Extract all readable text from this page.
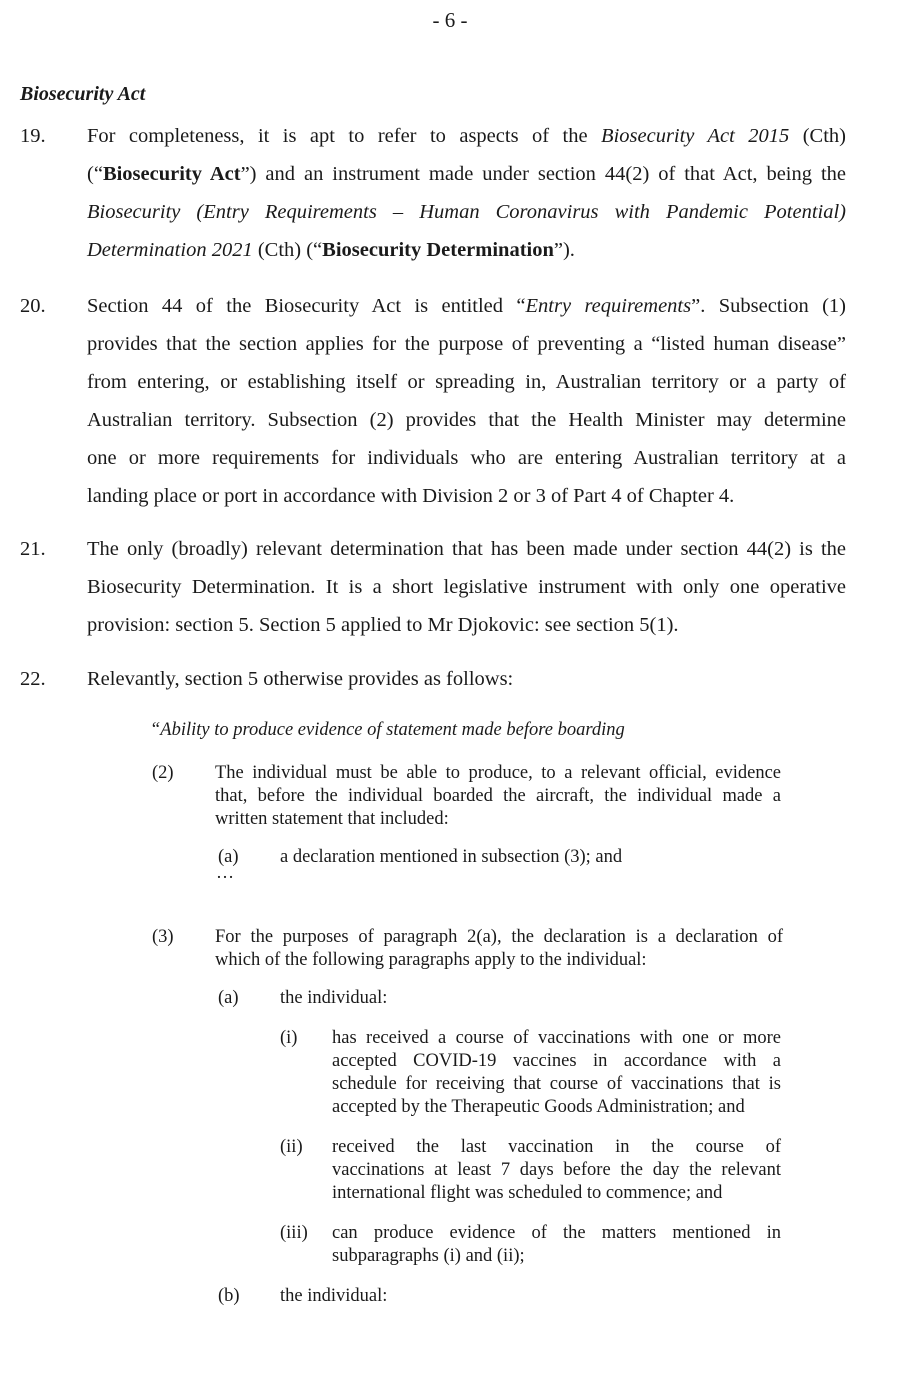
- 6 -
Biosecurity Act
19. For completeness, it is apt to refer to aspects of the Biosecurity Act 2015 (Cth)
(“Biosecurity Act”) and an instrument made under section 44(2) of that Act, being the
Biosecurity (Entry Requirements – Human Coronavirus with Pandemic Potential)
Determination 2021 (Cth) (“Biosecurity Determination”).
20. Section 44 of the Biosecurity Act is entitled “Entry requirements”. Subsection (1)
provides that the section applies for the purpose of preventing a “listed human disease”
from entering, or establishing itself or spreading in, Australian territory or a party of
Australian territory. Subsection (2) provides that the Health Minister may determine
one or more requirements for individuals who are entering Australian territory at a
landing place or port in accordance with Division 2 or 3 of Part 4 of Chapter 4.
21. The only (broadly) relevant determination that has been made under section 44(2) is the
Biosecurity Determination. It is a short legislative instrument with only one operative
provision: section 5. Section 5 applied to Mr Djokovic: see section 5(1).
22. Relevantly, section 5 otherwise provides as follows:
“Ability to produce evidence of statement made before boarding
(2) The individual must be able to produce, to a relevant official, evidence
that, before the individual boarded the aircraft, the individual made a
written statement that included:
(a) a declaration mentioned in subsection (3); and
…
(3) For the purposes of paragraph 2(a), the declaration is a declaration of
which of the following paragraphs apply to the individual:
(a) the individual:
(i) has received a course of vaccinations with one or more
accepted COVID-19 vaccines in accordance with a
schedule for receiving that course of vaccinations that is
accepted by the Therapeutic Goods Administration; and
(ii) received the last vaccination in the course of
vaccinations at least 7 days before the day the relevant
international flight was scheduled to commence; and
(iii) can produce evidence of the matters mentioned in
subparagraphs (i) and (ii);
(b) the individual:
